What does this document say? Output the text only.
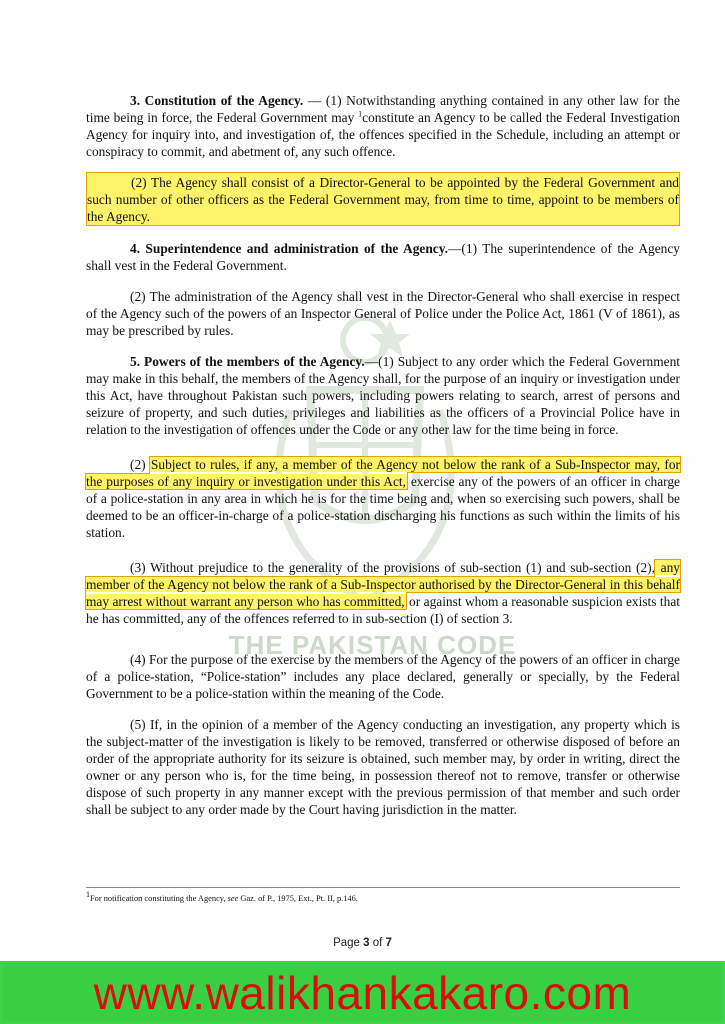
THE PAKISTAN CODE

3. Constitution of the Agency. — (1) Notwithstanding anything contained in any other law for the time being in force, the Federal Government may $^1$constitute an Agency to be called the Federal Investigation Agency for inquiry into, and investigation of, the offences specified in the Schedule, including an attempt or conspiracy to commit, and abetment of, any such offence.

(2) The Agency shall consist of a Director-General to be appointed by the Federal Government and such number of other officers as the Federal Government may, from time to time, appoint to be members of the Agency.

4. Superintendence and administration of the Agency.—(1) The superintendence of the Agency shall vest in the Federal Government.

(2) The administration of the Agency shall vest in the Director-General who shall exercise in respect of the Agency such of the powers of an Inspector General of Police under the Police Act, 1861 (V of 1861), as may be prescribed by rules.

5. Powers of the members of the Agency.—(1) Subject to any order which the Federal Government may make in this behalf, the members of the Agency shall, for the purpose of an inquiry or investigation under this Act, have throughout Pakistan such powers, including powers relating to search, arrest of persons and seizure of property, and such duties, privileges and liabilities as the officers of a Provincial Police have in relation to the investigation of offences under the Code or any other law for the time being in force.

(2) Subject to rules, if any, a member of the Agency not below the rank of a Sub-Inspector may, for the purposes of any inquiry or investigation under this Act, exercise any of the powers of an officer in charge of a police-station in any area in which he is for the time being and, when so exercising such powers, shall be deemed to be an officer-in-charge of a police-station discharging his functions as such within the limits of his station.

(3) Without prejudice to the generality of the provisions of sub-section (1) and sub-section (2), any member of the Agency not below the rank of a Sub-Inspector authorised by the Director-General in this behalf may arrest without warrant any person who has committed, or against whom a reasonable suspicion exists that he has committed, any of the offences referred to in sub-section (I) of section 3.

(4) For the purpose of the exercise by the members of the Agency of the powers of an officer in charge of a police-station, “Police-station” includes any place declared, generally or specially, by the Federal Government to be a police-station within the meaning of the Code.

(5) If, in the opinion of a member of the Agency conducting an investigation, any property which is the subject-matter of the investigation is likely to be removed, transferred or otherwise disposed of before an order of the appropriate authority for its seizure is obtained, such member may, by order in writing, direct the owner or any person who is, for the time being, in possession thereof not to remove, transfer or otherwise dispose of such property in any manner except with the previous permission of that member and such order shall be subject to any order made by the Court having jurisdiction in the matter.

$^1$For notification constituting the Agency, see Gaz. of P., 1975, Ext., Pt. II, p.146.
Page 3 of 7
www.walikhankakaro.com
